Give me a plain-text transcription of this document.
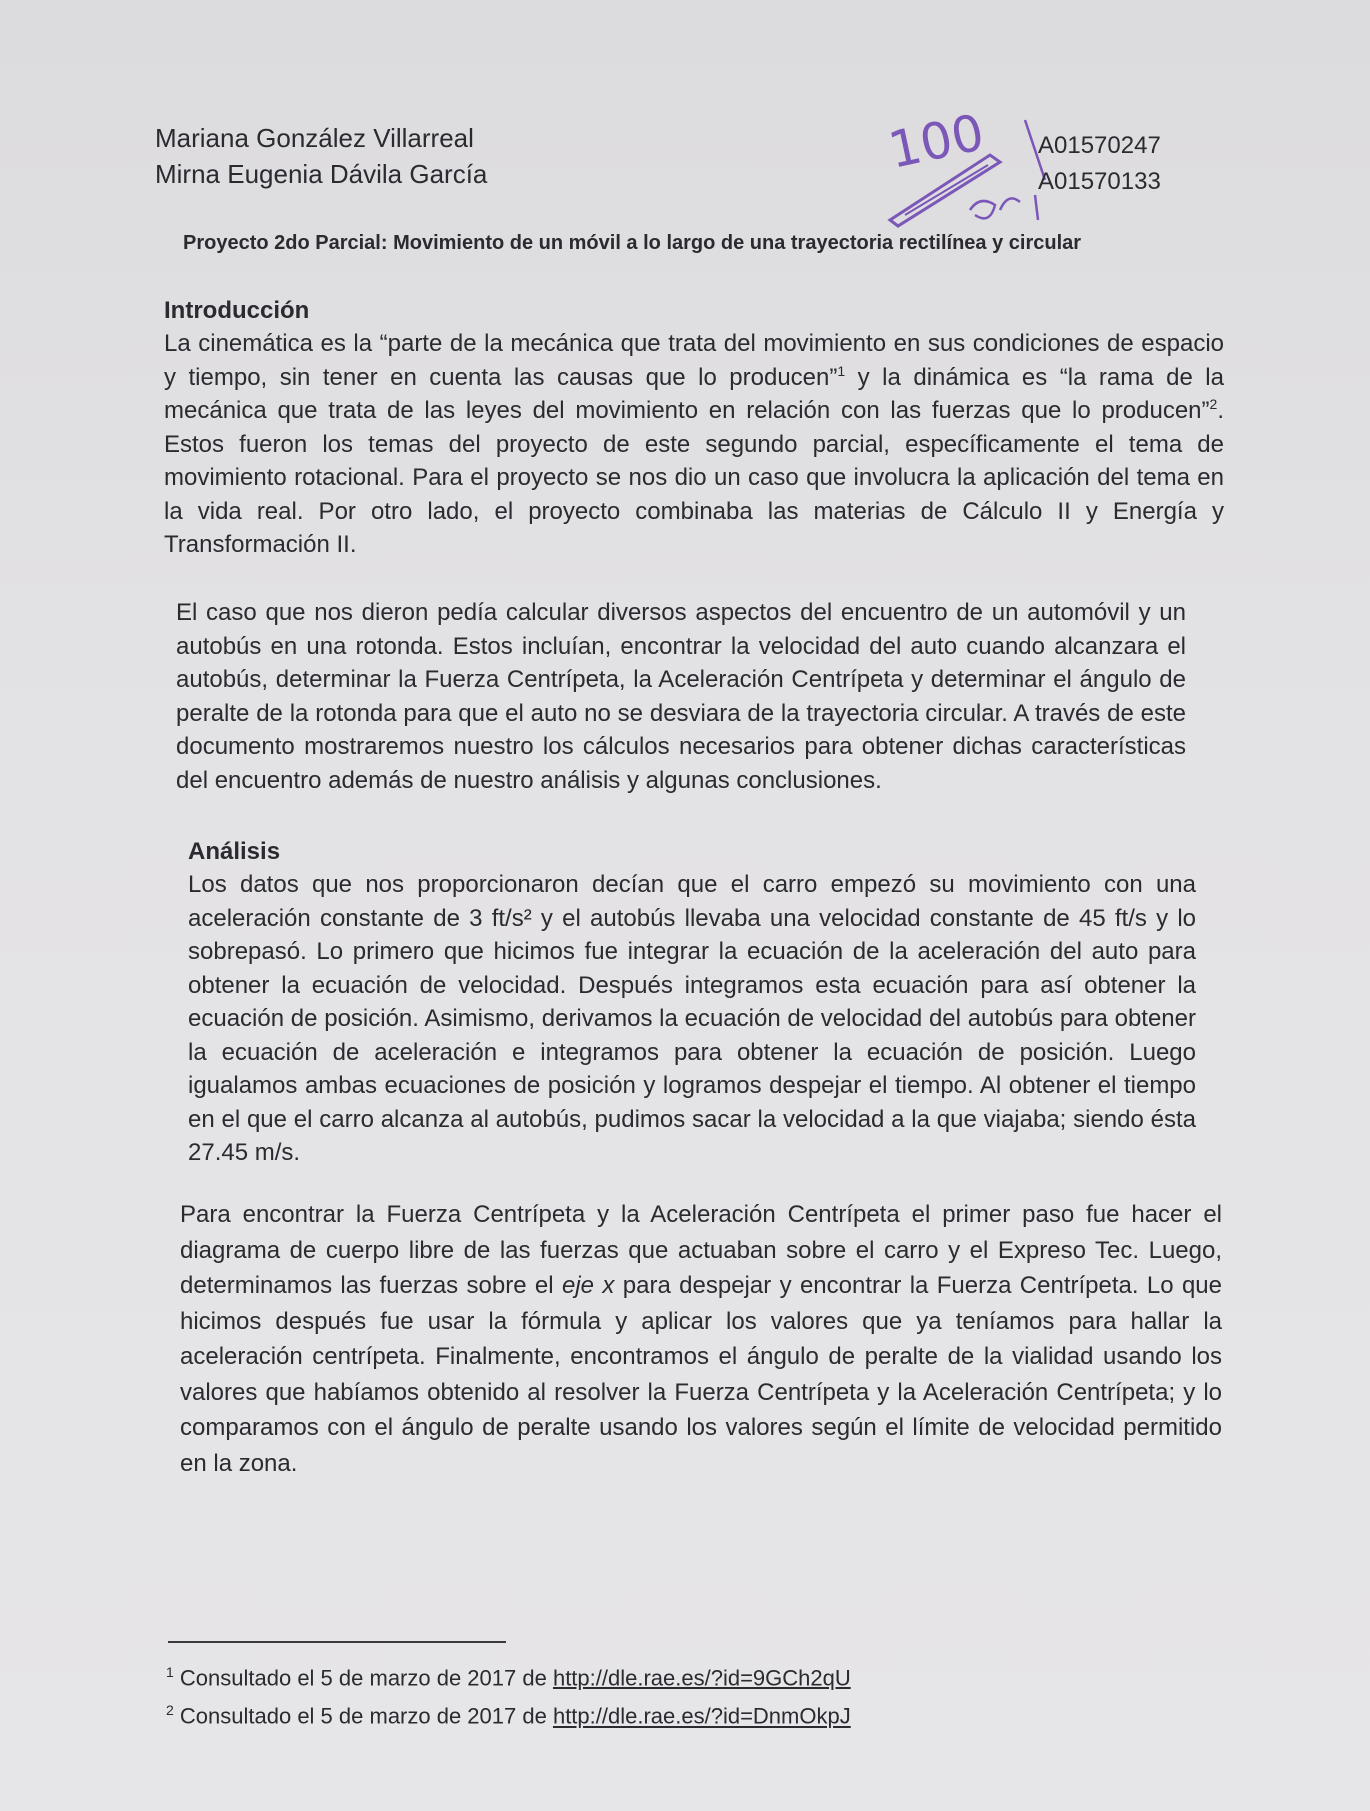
Mariana González Villarreal
Mirna Eugenia Dávila García	100 A01570247
A01570133
Proyecto 2do Parcial: Movimiento de un móvil a lo largo de una trayectoria rectilínea y circular
Introducción

La cinemática es la “parte de la mecánica que trata del movimiento en sus condiciones de espacio y tiempo, sin tener en cuenta las causas que lo producen”$^1$ y la dinámica es “la rama de la mecánica que trata de las leyes del movimiento en relación con las fuerzas que lo producen”$^2$. Estos fueron los temas del proyecto de este segundo parcial, específicamente el tema de movimiento rotacional. Para el proyecto se nos dio un caso que involucra la aplicación del tema en la vida real. Por otro lado, el proyecto combinaba las materias de Cálculo II y Energía y Transformación II.

El caso que nos dieron pedía calcular diversos aspectos del encuentro de un automóvil y un autobús en una rotonda. Estos incluían, encontrar la velocidad del auto cuando alcanzara el autobús, determinar la Fuerza Centrípeta, la Aceleración Centrípeta y determinar el ángulo de peralte de la rotonda para que el auto no se desviara de la trayectoria circular. A través de este documento mostraremos nuestro los cálculos necesarios para obtener dichas características del encuentro además de nuestro análisis y algunas conclusiones.

Análisis

Los datos que nos proporcionaron decían que el carro empezó su movimiento con una aceleración constante de 3 ft/s² y el autobús llevaba una velocidad constante de 45 ft/s y lo sobrepasó. Lo primero que hicimos fue integrar la ecuación de la aceleración del auto para obtener la ecuación de velocidad. Después integramos esta ecuación para así obtener la ecuación de posición. Asimismo, derivamos la ecuación de velocidad del autobús para obtener la ecuación de aceleración e integramos para obtener la ecuación de posición. Luego igualamos ambas ecuaciones de posición y logramos despejar el tiempo. Al obtener el tiempo en el que el carro alcanza al autobús, pudimos sacar la velocidad a la que viajaba; siendo ésta 27.45 m/s.

Para encontrar la Fuerza Centrípeta y la Aceleración Centrípeta el primer paso fue hacer el diagrama de cuerpo libre de las fuerzas que actuaban sobre el carro y el Expreso Tec. Luego, determinamos las fuerzas sobre el eje x para despejar y encontrar la Fuerza Centrípeta. Lo que hicimos después fue usar la fórmula y aplicar los valores que ya teníamos para hallar la aceleración centrípeta. Finalmente, encontramos el ángulo de peralte de la vialidad usando los valores que habíamos obtenido al resolver la Fuerza Centrípeta y la Aceleración Centrípeta; y lo comparamos con el ángulo de peralte usando los valores según el límite de velocidad permitido en la zona.

$^1$ Consultado el 5 de marzo de 2017 de http://dle.rae.es/?id=9GCh2qU
$^2$ Consultado el 5 de marzo de 2017 de http://dle.rae.es/?id=DnmOkpJ
